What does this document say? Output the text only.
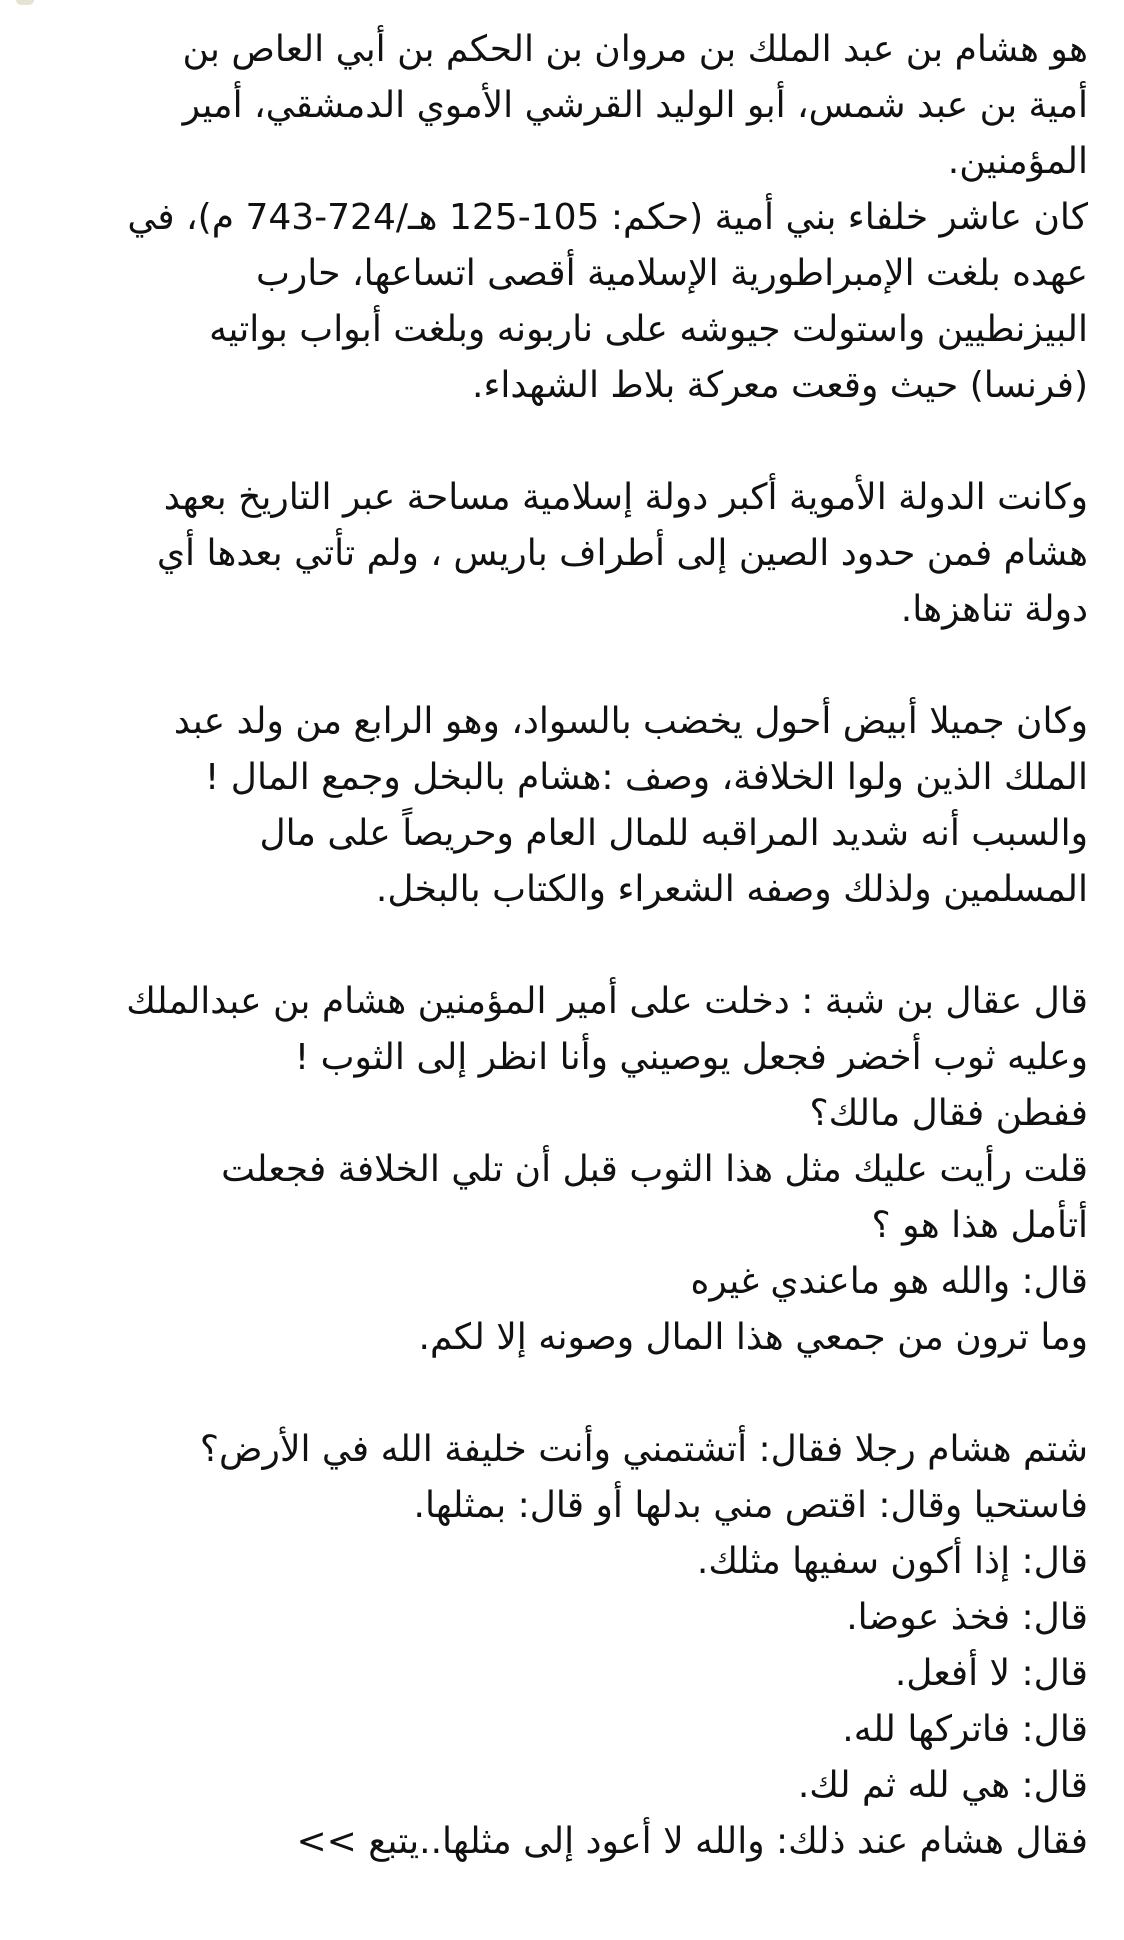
هو هشام بن عبد الملك بن مروان بن الحكم بن أبي العاص بن
أمية بن عبد شمس، أبو الوليد القرشي الأموي الدمشقي، أمير
المؤمنين.
كان عاشر خلفاء بني أمية (حكم: 105-125 هـ/724-743 م)، في
عهده بلغت الإمبراطورية الإسلامية أقصى اتساعها، حارب
البيزنطيين واستولت جيوشه على ناربونه وبلغت أبواب بواتيه
(فرنسا) حيث وقعت معركة بلاط الشهداء.
وكانت الدولة الأموية أكبر دولة إسلامية مساحة عبر التاريخ بعهد
هشام فمن حدود الصين إلى أطراف باريس ، ولم تأتي بعدها أي
دولة تناهزها.
وكان جميلا أبيض أحول يخضب بالسواد، وهو الرابع من ولد عبد
الملك الذين ولوا الخلافة، وصف :هشام بالبخل وجمع المال !
والسبب أنه شديد المراقبه للمال العام وحريصاً على مال
المسلمين ولذلك وصفه الشعراء والكتاب بالبخل.
قال عقال بن شبة : دخلت على أمير المؤمنين هشام بن عبدالملك
وعليه ثوب أخضر فجعل يوصيني وأنا انظر إلى الثوب !
ففطن فقال مالك؟
قلت رأيت عليك مثل هذا الثوب قبل أن تلي الخلافة فجعلت
أتأمل هذا هو ؟
قال: والله هو ماعندي غيره
وما ترون من جمعي هذا المال وصونه إلا لكم.
شتم هشام رجلا فقال: أتشتمني وأنت خليفة الله في الأرض؟
فاستحيا وقال: اقتص مني بدلها أو قال: بمثلها.
قال: إذا أكون سفيها مثلك.
قال: فخذ عوضا.
قال: لا أفعل.
قال: فاتركها لله.
قال: هي لله ثم لك.
فقال هشام عند ذلك: والله لا أعود إلى مثلها..يتبع >>
